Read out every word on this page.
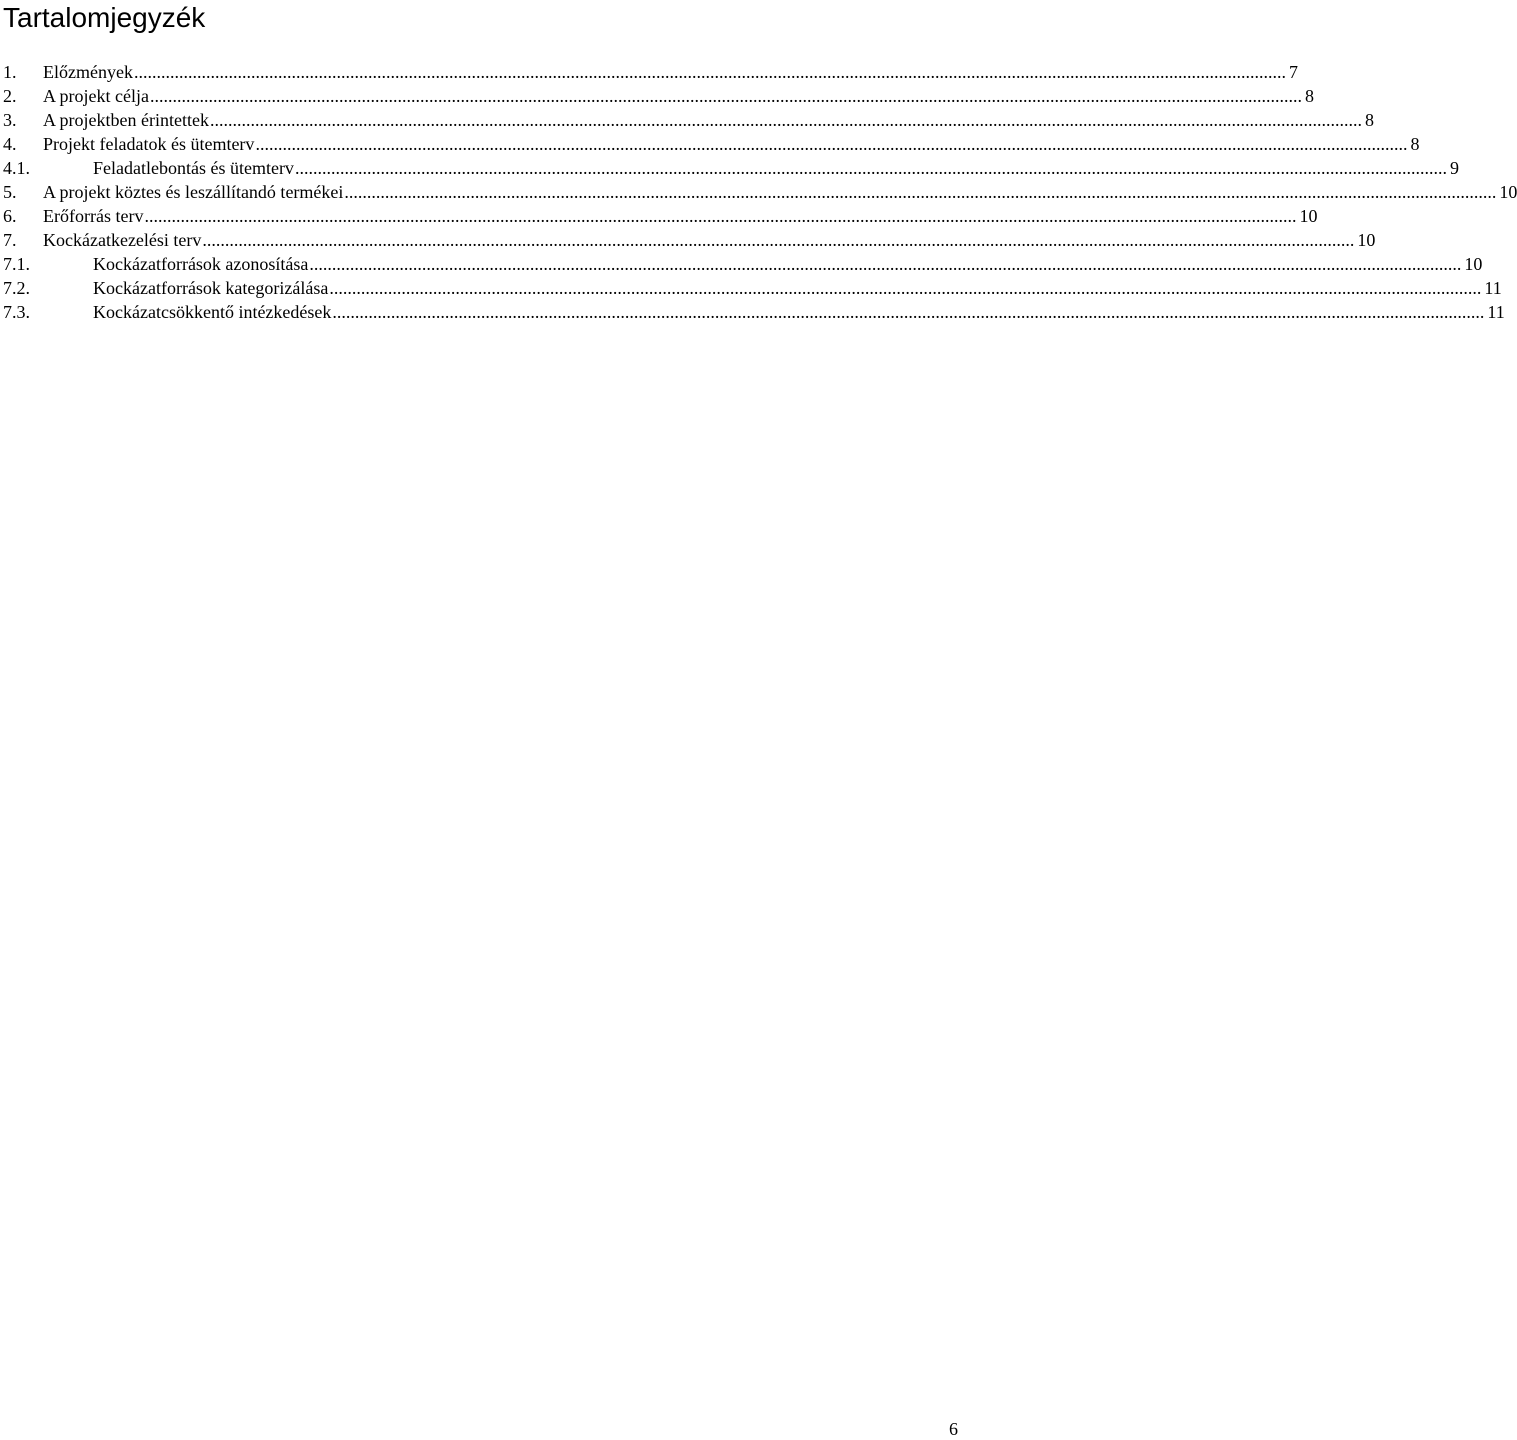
Tartalomjegyzék
1.	Előzmények .....	7
2.	A projekt célja .....	8
3.	A projektben érintettek .....	8
4.	Projekt feladatok és ütemterv .....	8
4.1.	Feladatlebontás és ütemterv .....	9
5.	A projekt köztes és leszállítandó termékei .....	10
6.	Erőforrás terv .....	10
7.	Kockázatkezelési terv .....	10
7.1.	Kockázatforrások azonosítása .....	10
7.2.	Kockázatforrások kategorizálása .....	11
7.3.	Kockázatcsökkentő intézkedések .....	11
6
